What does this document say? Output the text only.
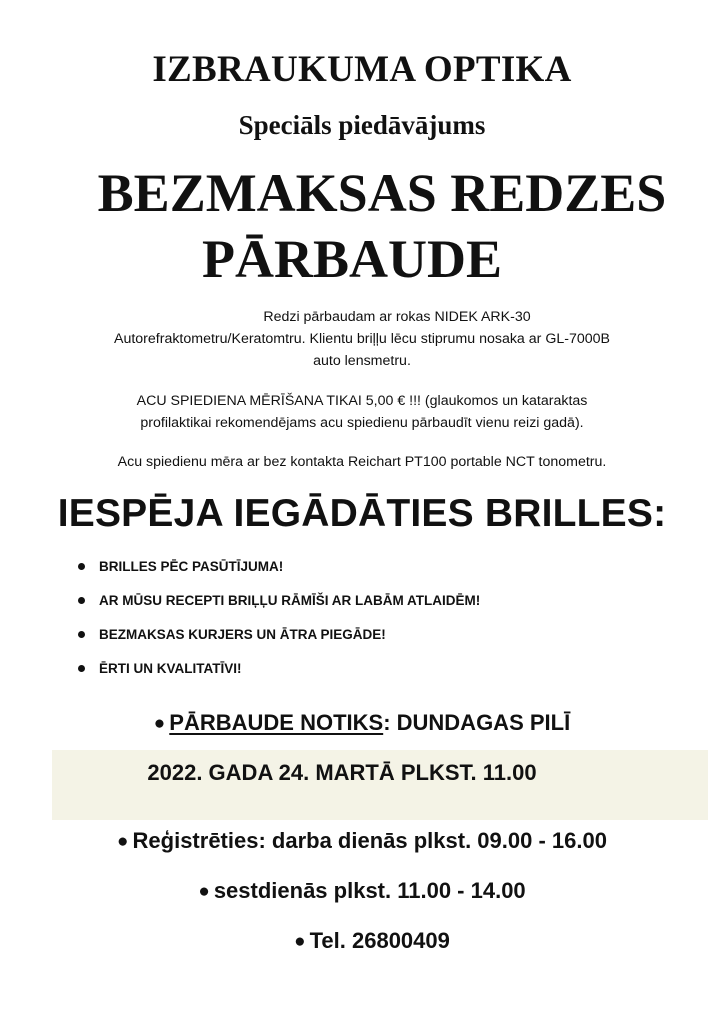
IZBRAUKUMA OPTIKA
Speciāls piedāvājums
BEZMAKSAS REDZES
PĀRBAUDE
Redzi pārbaudam ar rokas NIDEK ARK-30
Autorefraktometru/Keratomtru. Klientu briļļu lēcu stiprumu nosaka ar GL-7000B
auto lensmetru.
ACU SPIEDIENA MĒRĪŠANA TIKAI 5,00 € !!! (glaukomos un kataraktas
profilaktikai rekomendējams acu spiedienu pārbaudīt vienu reizi gadā).
Acu spiedienu mēra ar bez kontakta Reichart PT100 portable NCT tonometru.
IESPĒJA IEGĀDĀTIES BRILLES:
BRILLES PĒC PASŪTĪJUMA!
AR MŪSU RECEPTI BRIĻĻU RĀMĪŠI AR LABĀM ATLAIDĒM!
BEZMAKSAS KURJERS UN ĀTRA PIEGĀDE!
ĒRTI UN KVALITATĪVI!
● PĀRBAUDE NOTIKS: DUNDAGAS PILĪ
2022. GADA 24. MARTĀ PLKST. 11.00
● Reģistrēties: darba dienās plkst. 09.00 - 16.00
● sestdienās plkst. 11.00 - 14.00
● Tel. 26800409
